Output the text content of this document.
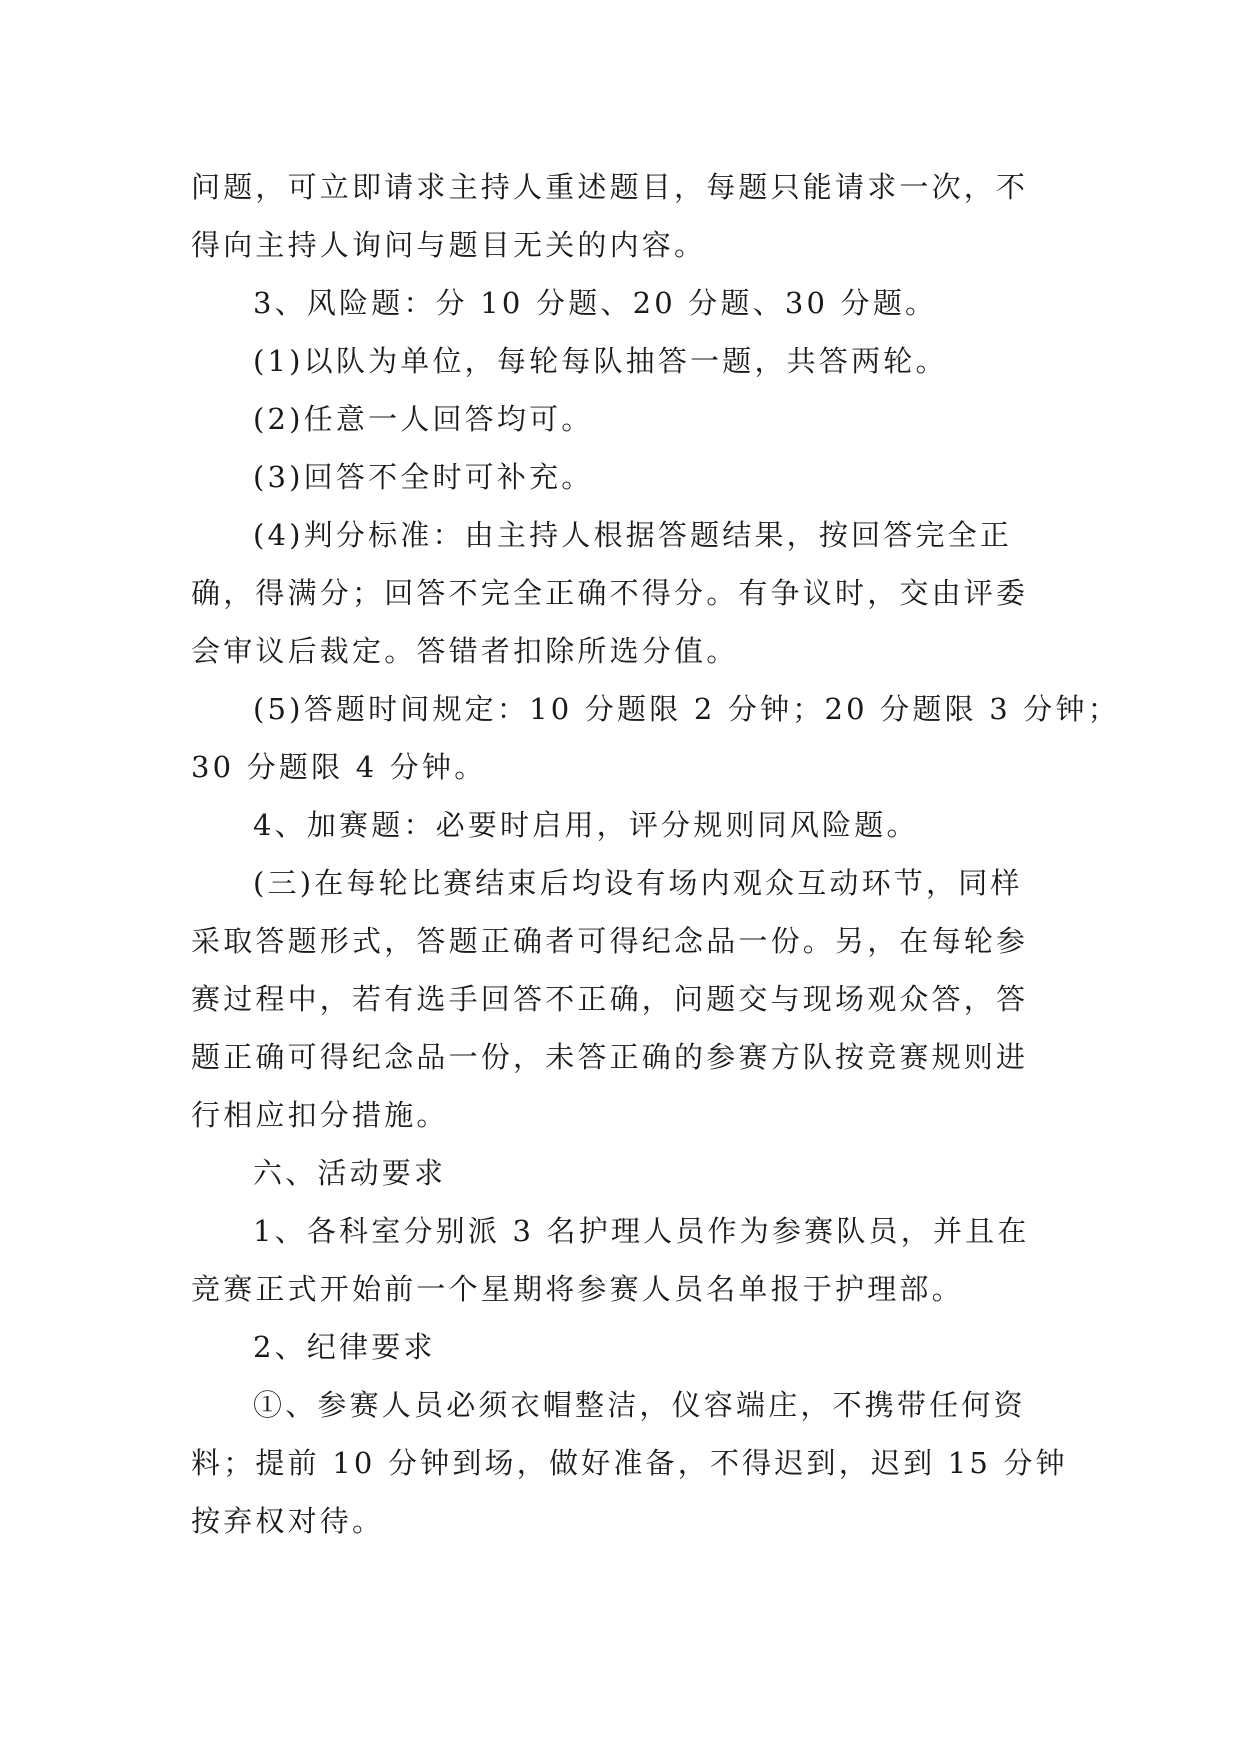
问题，可立即请求主持人重述题目，每题只能请求一次，不
得向主持人询问与题目无关的内容。
3、风险题：分 10 分题、20 分题、30 分题。
(1)以队为单位，每轮每队抽答一题，共答两轮。
(2)任意一人回答均可。
(3)回答不全时可补充。
(4)判分标准：由主持人根据答题结果，按回答完全正
确，得满分；回答不完全正确不得分。有争议时，交由评委
会审议后裁定。答错者扣除所选分值。
(5)答题时间规定：10 分题限 2 分钟；20 分题限 3 分钟；
30 分题限 4 分钟。
4、加赛题：必要时启用，评分规则同风险题。
(三)在每轮比赛结束后均设有场内观众互动环节，同样
采取答题形式，答题正确者可得纪念品一份。另，在每轮参
赛过程中，若有选手回答不正确，问题交与现场观众答，答
题正确可得纪念品一份，未答正确的参赛方队按竞赛规则进
行相应扣分措施。
六、活动要求
1、各科室分别派 3 名护理人员作为参赛队员，并且在
竞赛正式开始前一个星期将参赛人员名单报于护理部。
2、纪律要求
①、参赛人员必须衣帽整洁，仪容端庄，不携带任何资
料；提前 10 分钟到场，做好准备，不得迟到，迟到 15 分钟
按弃权对待。
